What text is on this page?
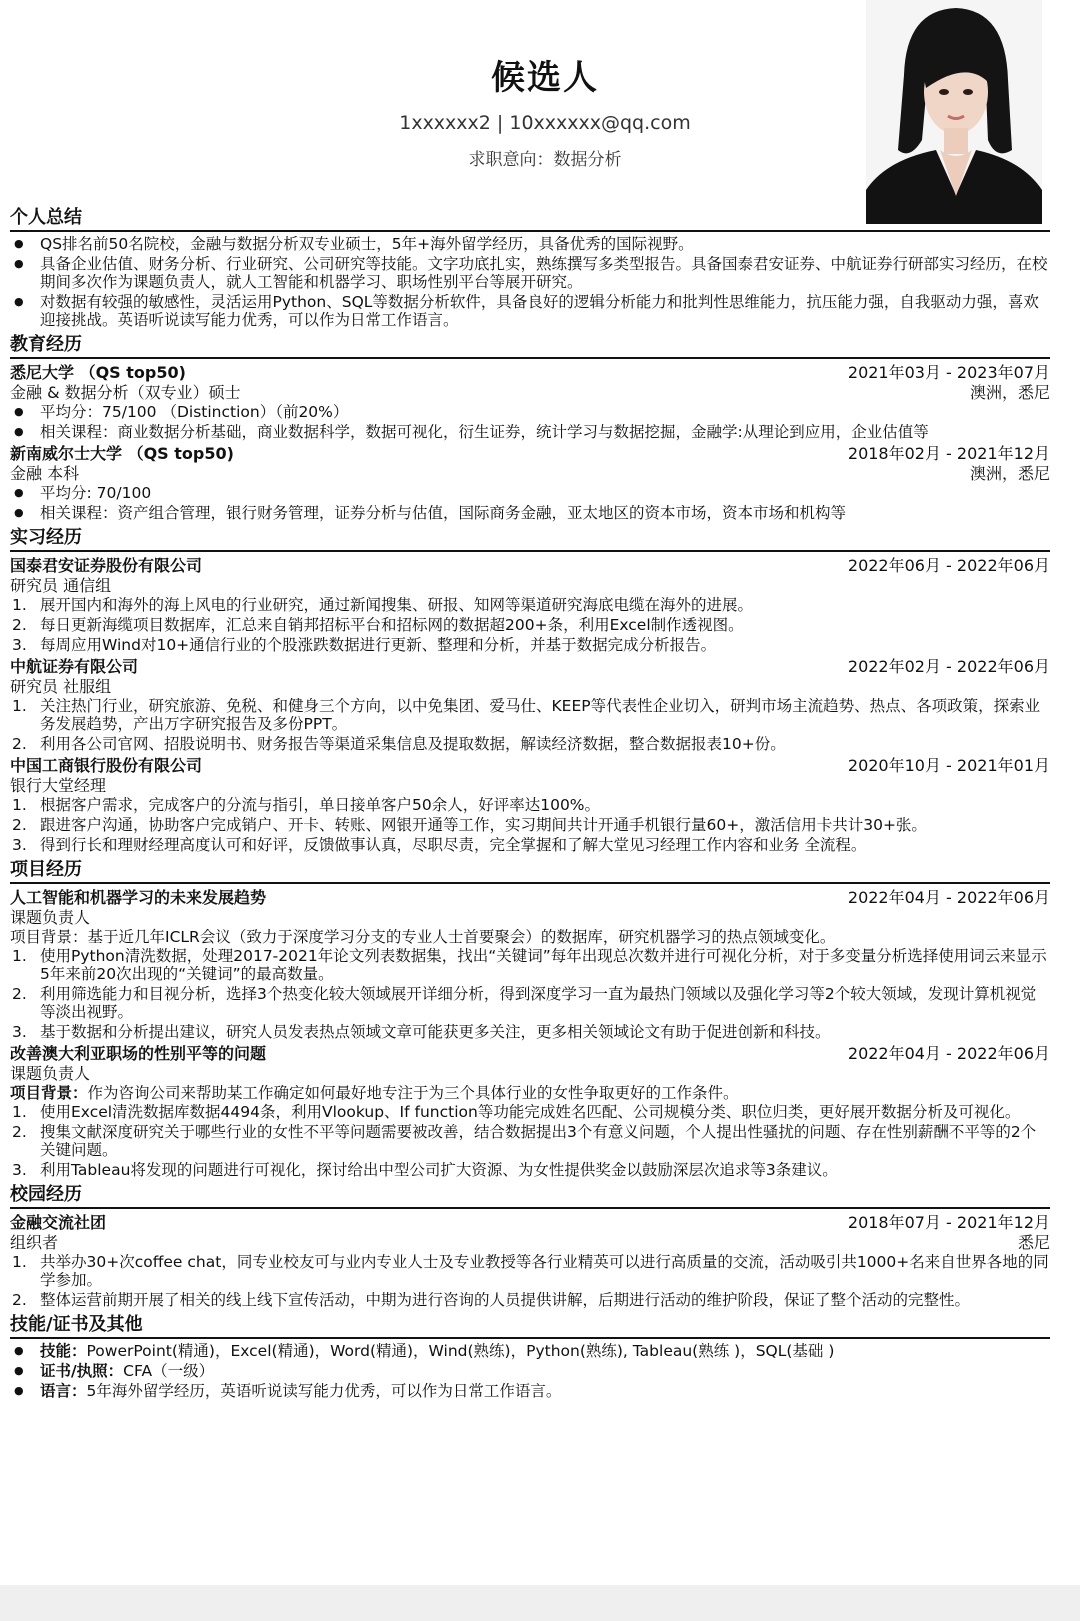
候选人
1xxxxxx2 | 10xxxxxx@qq.com
求职意向：数据分析
个人总结
● QS排名前50名院校，金融与数据分析双专业硕士，5年+海外留学经历，具备优秀的国际视野。
● 具备企业估值、财务分析、行业研究、公司研究等技能。文字功底扎实，熟练撰写多类型报告。具备国泰君安证券、中航证券行研部实习经历，在校期间多次作为课题负责人，就人工智能和机器学习、职场性别平台等展开研究。
● 对数据有较强的敏感性，灵活运用Python、SQL等数据分析软件，具备良好的逻辑分析能力和批判性思维能力，抗压能力强，自我驱动力强，喜欢迎接挑战。英语听说读写能力优秀，可以作为日常工作语言。
教育经历
悉尼大学 （QS top50)	2021年03月 - 2023年07月
金融 & 数据分析（双专业）硕士	澳洲，悉尼
● 平均分：75/100 （Distinction）（前20%）
● 相关课程：商业数据分析基础，商业数据科学，数据可视化，衍生证券，统计学习与数据挖掘，金融学:从理论到应用，企业估值等
新南威尔士大学 （QS top50)	2018年02月 - 2021年12月
金融 本科	澳洲，悉尼
● 平均分: 70/100
● 相关课程：资产组合管理，银行财务管理，证券分析与估值，国际商务金融，亚太地区的资本市场，资本市场和机构等
实习经历
国泰君安证券股份有限公司	2022年06月 - 2022年06月
研究员 通信组
1. 展开国内和海外的海上风电的行业研究，通过新闻搜集、研报、知网等渠道研究海底电缆在海外的进展。
2. 每日更新海缆项目数据库，汇总来自销邦招标平台和招标网的数据超200+条，利用Excel制作透视图。
3. 每周应用Wind对10+通信行业的个股涨跌数据进行更新、整理和分析，并基于数据完成分析报告。
中航证券有限公司	2022年02月 - 2022年06月
研究员 社服组
1. 关注热门行业，研究旅游、免税、和健身三个方向，以中免集团、爱马仕、KEEP等代表性企业切入，研判市场主流趋势、热点、各项政策，探索业务发展趋势，产出万字研究报告及多份PPT。
2. 利用各公司官网、招股说明书、财务报告等渠道采集信息及提取数据，解读经济数据，整合数据报表10+份。
中国工商银行股份有限公司	2020年10月 - 2021年01月
银行大堂经理
1. 根据客户需求，完成客户的分流与指引，单日接单客户50余人，好评率达100%。
2. 跟进客户沟通，协助客户完成销户、开卡、转账、网银开通等工作，实习期间共计开通手机银行量60+，激活信用卡共计30+张。
3. 得到行长和理财经理高度认可和好评，反馈做事认真，尽职尽责，完全掌握和了解大堂见习经理工作内容和业务 全流程。
项目经历
人工智能和机器学习的未来发展趋势	2022年04月 - 2022年06月
课题负责人
项目背景：基于近几年ICLR会议（致力于深度学习分支的专业人士首要聚会）的数据库，研究机器学习的热点领域变化。
1. 使用Python清洗数据，处理2017-2021年论文列表数据集，找出“关键词”每年出现总次数并进行可视化分析，对于多变量分析选择使用词云来显示5年来前20次出现的“关键词”的最高数量。
2. 利用筛选能力和目视分析，选择3个热变化较大领域展开详细分析，得到深度学习一直为最热门领域以及强化学习等2个较大领域，发现计算机视觉等淡出视野。
3. 基于数据和分析提出建议，研究人员发表热点领域文章可能获更多关注，更多相关领域论文有助于促进创新和科技。
改善澳大利亚职场的性别平等的问题	2022年04月 - 2022年06月
课题负责人
项目背景：作为咨询公司来帮助某工作确定如何最好地专注于为三个具体行业的女性争取更好的工作条件。
1. 使用Excel清洗数据库数据4494条，利用Vlookup、If function等功能完成姓名匹配、公司规模分类、职位归类，更好展开数据分析及可视化。
2. 搜集文献深度研究关于哪些行业的女性不平等问题需要被改善，结合数据提出3个有意义问题，个人提出性骚扰的问题、存在性别薪酬不平等的2个关键问题。
3. 利用Tableau将发现的问题进行可视化，探讨给出中型公司扩大资源、为女性提供奖金以鼓励深层次追求等3条建议。
校园经历
金融交流社团	2018年07月 - 2021年12月
组织者	悉尼
1. 共举办30+次coffee chat，同专业校友可与业内专业人士及专业教授等各行业精英可以进行高质量的交流，活动吸引共1000+名来自世界各地的同学参加。
2. 整体运营前期开展了相关的线上线下宣传活动，中期为进行咨询的人员提供讲解，后期进行活动的维护阶段，保证了整个活动的完整性。
技能/证书及其他
● 技能：PowerPoint(精通)，Excel(精通)，Word(精通)，Wind(熟练)，Python(熟练), Tableau(熟练 )，SQL(基础 )
● 证书/执照：CFA（一级）
● 语言：5年海外留学经历，英语听说读写能力优秀，可以作为日常工作语言。
